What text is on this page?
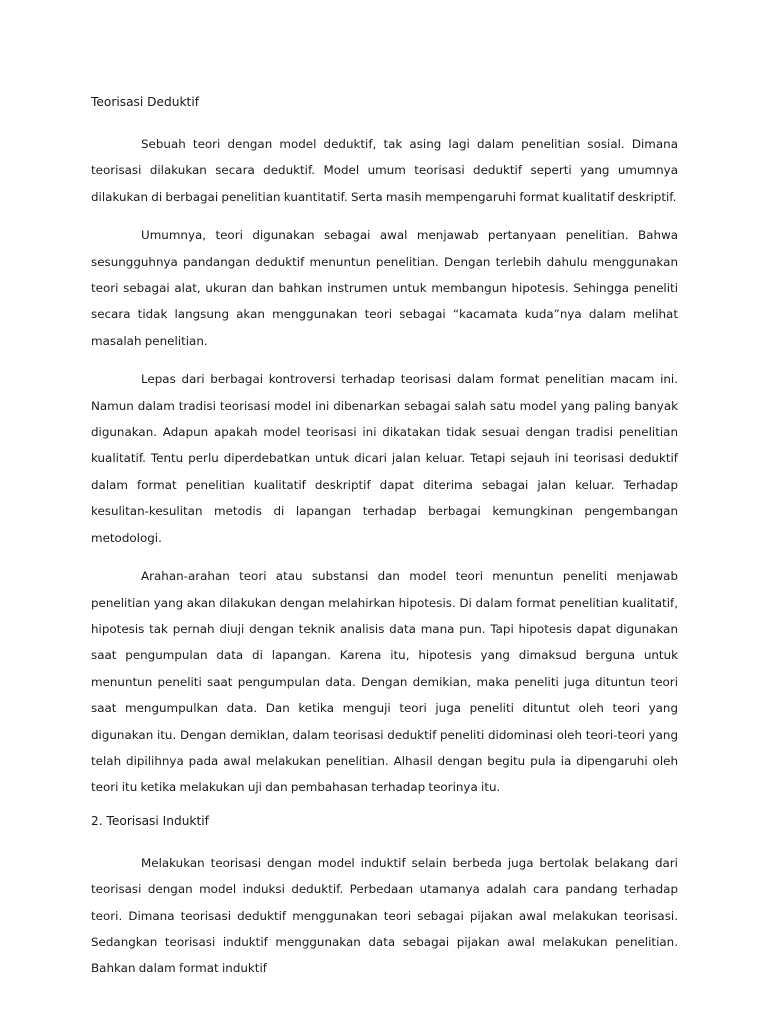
Teorisasi Deduktif

Sebuah teori dengan model deduktif, tak asing lagi dalam penelitian sosial. Dimana teorisasi dilakukan secara deduktif. Model umum teorisasi deduktif seperti yang umumnya dilakukan di berbagai penelitian kuantitatif. Serta masih mempengaruhi format kualitatif deskriptif.

Umumnya, teori digunakan sebagai awal menjawab pertanyaan penelitian. Bahwa sesungguhnya pandangan deduktif menuntun penelitian. Dengan terlebih dahulu menggunakan teori sebagai alat, ukuran dan bahkan instrumen untuk membangun hipotesis. Sehingga peneliti secara tidak langsung akan menggunakan teori sebagai “kacamata kuda”nya dalam melihat masalah penelitian.

Lepas dari berbagai kontroversi terhadap teorisasi dalam format penelitian macam ini. Namun dalam tradisi teorisasi model ini dibenarkan sebagai salah satu model yang paling banyak digunakan. Adapun apakah model teorisasi ini dikatakan tidak sesuai dengan tradisi penelitian kualitatif. Tentu perlu diperdebatkan untuk dicari jalan keluar. Tetapi sejauh ini teorisasi deduktif dalam format penelitian kualitatif deskriptif dapat diterima sebagai jalan keluar. Terhadap kesulitan-kesulitan metodis di lapangan terhadap berbagai kemungkinan pengembangan metodologi.

Arahan-arahan teori atau substansi dan model teori menuntun peneliti menjawab penelitian yang akan dilakukan dengan melahirkan hipotesis. Di dalam format penelitian kualitatif, hipotesis tak pernah diuji dengan teknik analisis data mana pun. Tapi hipotesis dapat digunakan saat pengumpulan data di lapangan. Karena itu, hipotesis yang dimaksud berguna untuk menuntun peneliti saat pengumpulan data. Dengan demikian, maka peneliti juga dituntun teori saat mengumpulkan data. Dan ketika menguji teori juga peneliti dituntut oleh teori yang digunakan itu. Dengan demikIan, dalam teorisasi deduktif peneliti didominasi oleh teori-teori yang telah dipilihnya pada awal melakukan penelitian. Alhasil dengan begitu pula ia dipengaruhi oleh teori itu ketika melakukan uji dan pembahasan terhadap teorinya itu.

2. Teorisasi Induktif

Melakukan teorisasi dengan model induktif selain berbeda juga bertolak belakang dari teorisasi dengan model induksi deduktif. Perbedaan utamanya adalah cara pandang terhadap teori. Dimana teorisasi deduktif menggunakan teori sebagai pijakan awal melakukan teorisasi. Sedangkan teorisasi induktif menggunakan data sebagai pijakan awal melakukan penelitian. Bahkan dalam format induktif
